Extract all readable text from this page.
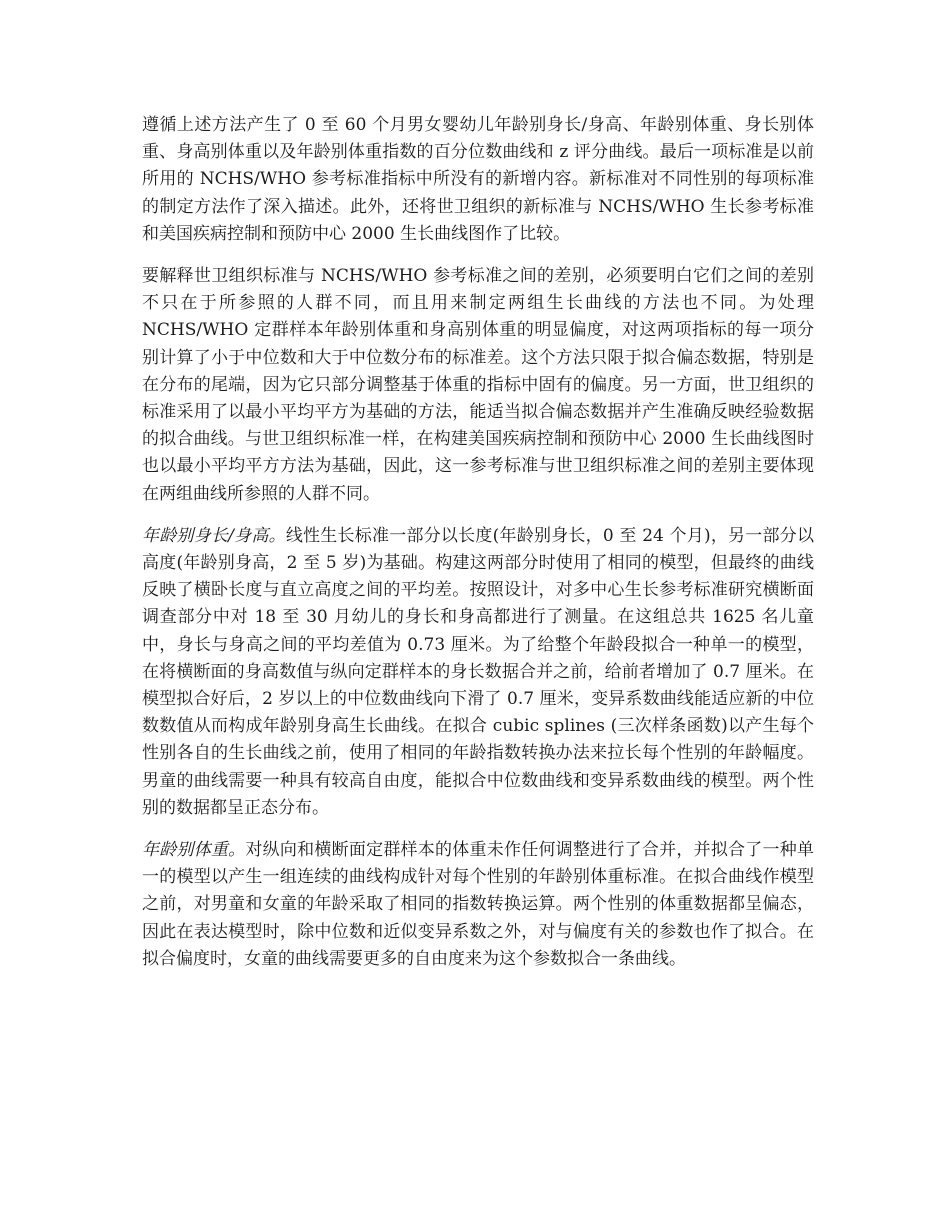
遵循上述方法产生了 0 至 60 个月男女婴幼儿年龄别身长/身高、年龄别体重、身长别体重、身高别体重以及年龄别体重指数的百分位数曲线和 z 评分曲线。最后一项标准是以前所用的 NCHS/WHO 参考标准指标中所没有的新增内容。新标准对不同性别的每项标准的制定方法作了深入描述。此外，还将世卫组织的新标准与 NCHS/WHO 生长参考标准和美国疾病控制和预防中心 2000 生长曲线图作了比较。

要解释世卫组织标准与 NCHS/WHO 参考标准之间的差别，必须要明白它们之间的差别不只在于所参照的人群不同，而且用来制定两组生长曲线的方法也不同。为处理 NCHS/WHO 定群样本年龄别体重和身高别体重的明显偏度，对这两项指标的每一项分别计算了小于中位数和大于中位数分布的标准差。这个方法只限于拟合偏态数据，特别是在分布的尾端，因为它只部分调整基于体重的指标中固有的偏度。另一方面，世卫组织的标准采用了以最小平均平方为基础的方法，能适当拟合偏态数据并产生准确反映经验数据的拟合曲线。与世卫组织标准一样，在构建美国疾病控制和预防中心 2000 生长曲线图时也以最小平均平方方法为基础，因此，这一参考标准与世卫组织标准之间的差别主要体现在两组曲线所参照的人群不同。

年龄别身长/身高。线性生长标准一部分以长度(年龄别身长，0 至 24 个月)，另一部分以高度(年龄别身高，2 至 5 岁)为基础。构建这两部分时使用了相同的模型，但最终的曲线反映了横卧长度与直立高度之间的平均差。按照设计，对多中心生长参考标准研究横断面调查部分中对 18 至 30 月幼儿的身长和身高都进行了测量。在这组总共 1625 名儿童中，身长与身高之间的平均差值为 0.73 厘米。为了给整个年龄段拟合一种单一的模型，在将横断面的身高数值与纵向定群样本的身长数据合并之前，给前者增加了 0.7 厘米。在模型拟合好后，2 岁以上的中位数曲线向下滑了 0.7 厘米，变异系数曲线能适应新的中位数数值从而构成年龄别身高生长曲线。在拟合 cubic splines (三次样条函数)以产生每个性别各自的生长曲线之前，使用了相同的年龄指数转换办法来拉长每个性别的年龄幅度。男童的曲线需要一种具有较高自由度，能拟合中位数曲线和变异系数曲线的模型。两个性别的数据都呈正态分布。

年龄别体重。对纵向和横断面定群样本的体重未作任何调整进行了合并，并拟合了一种单一的模型以产生一组连续的曲线构成针对每个性别的年龄别体重标准。在拟合曲线作模型之前，对男童和女童的年龄采取了相同的指数转换运算。两个性别的体重数据都呈偏态，因此在表达模型时，除中位数和近似变异系数之外，对与偏度有关的参数也作了拟合。在拟合偏度时，女童的曲线需要更多的自由度来为这个参数拟合一条曲线。
